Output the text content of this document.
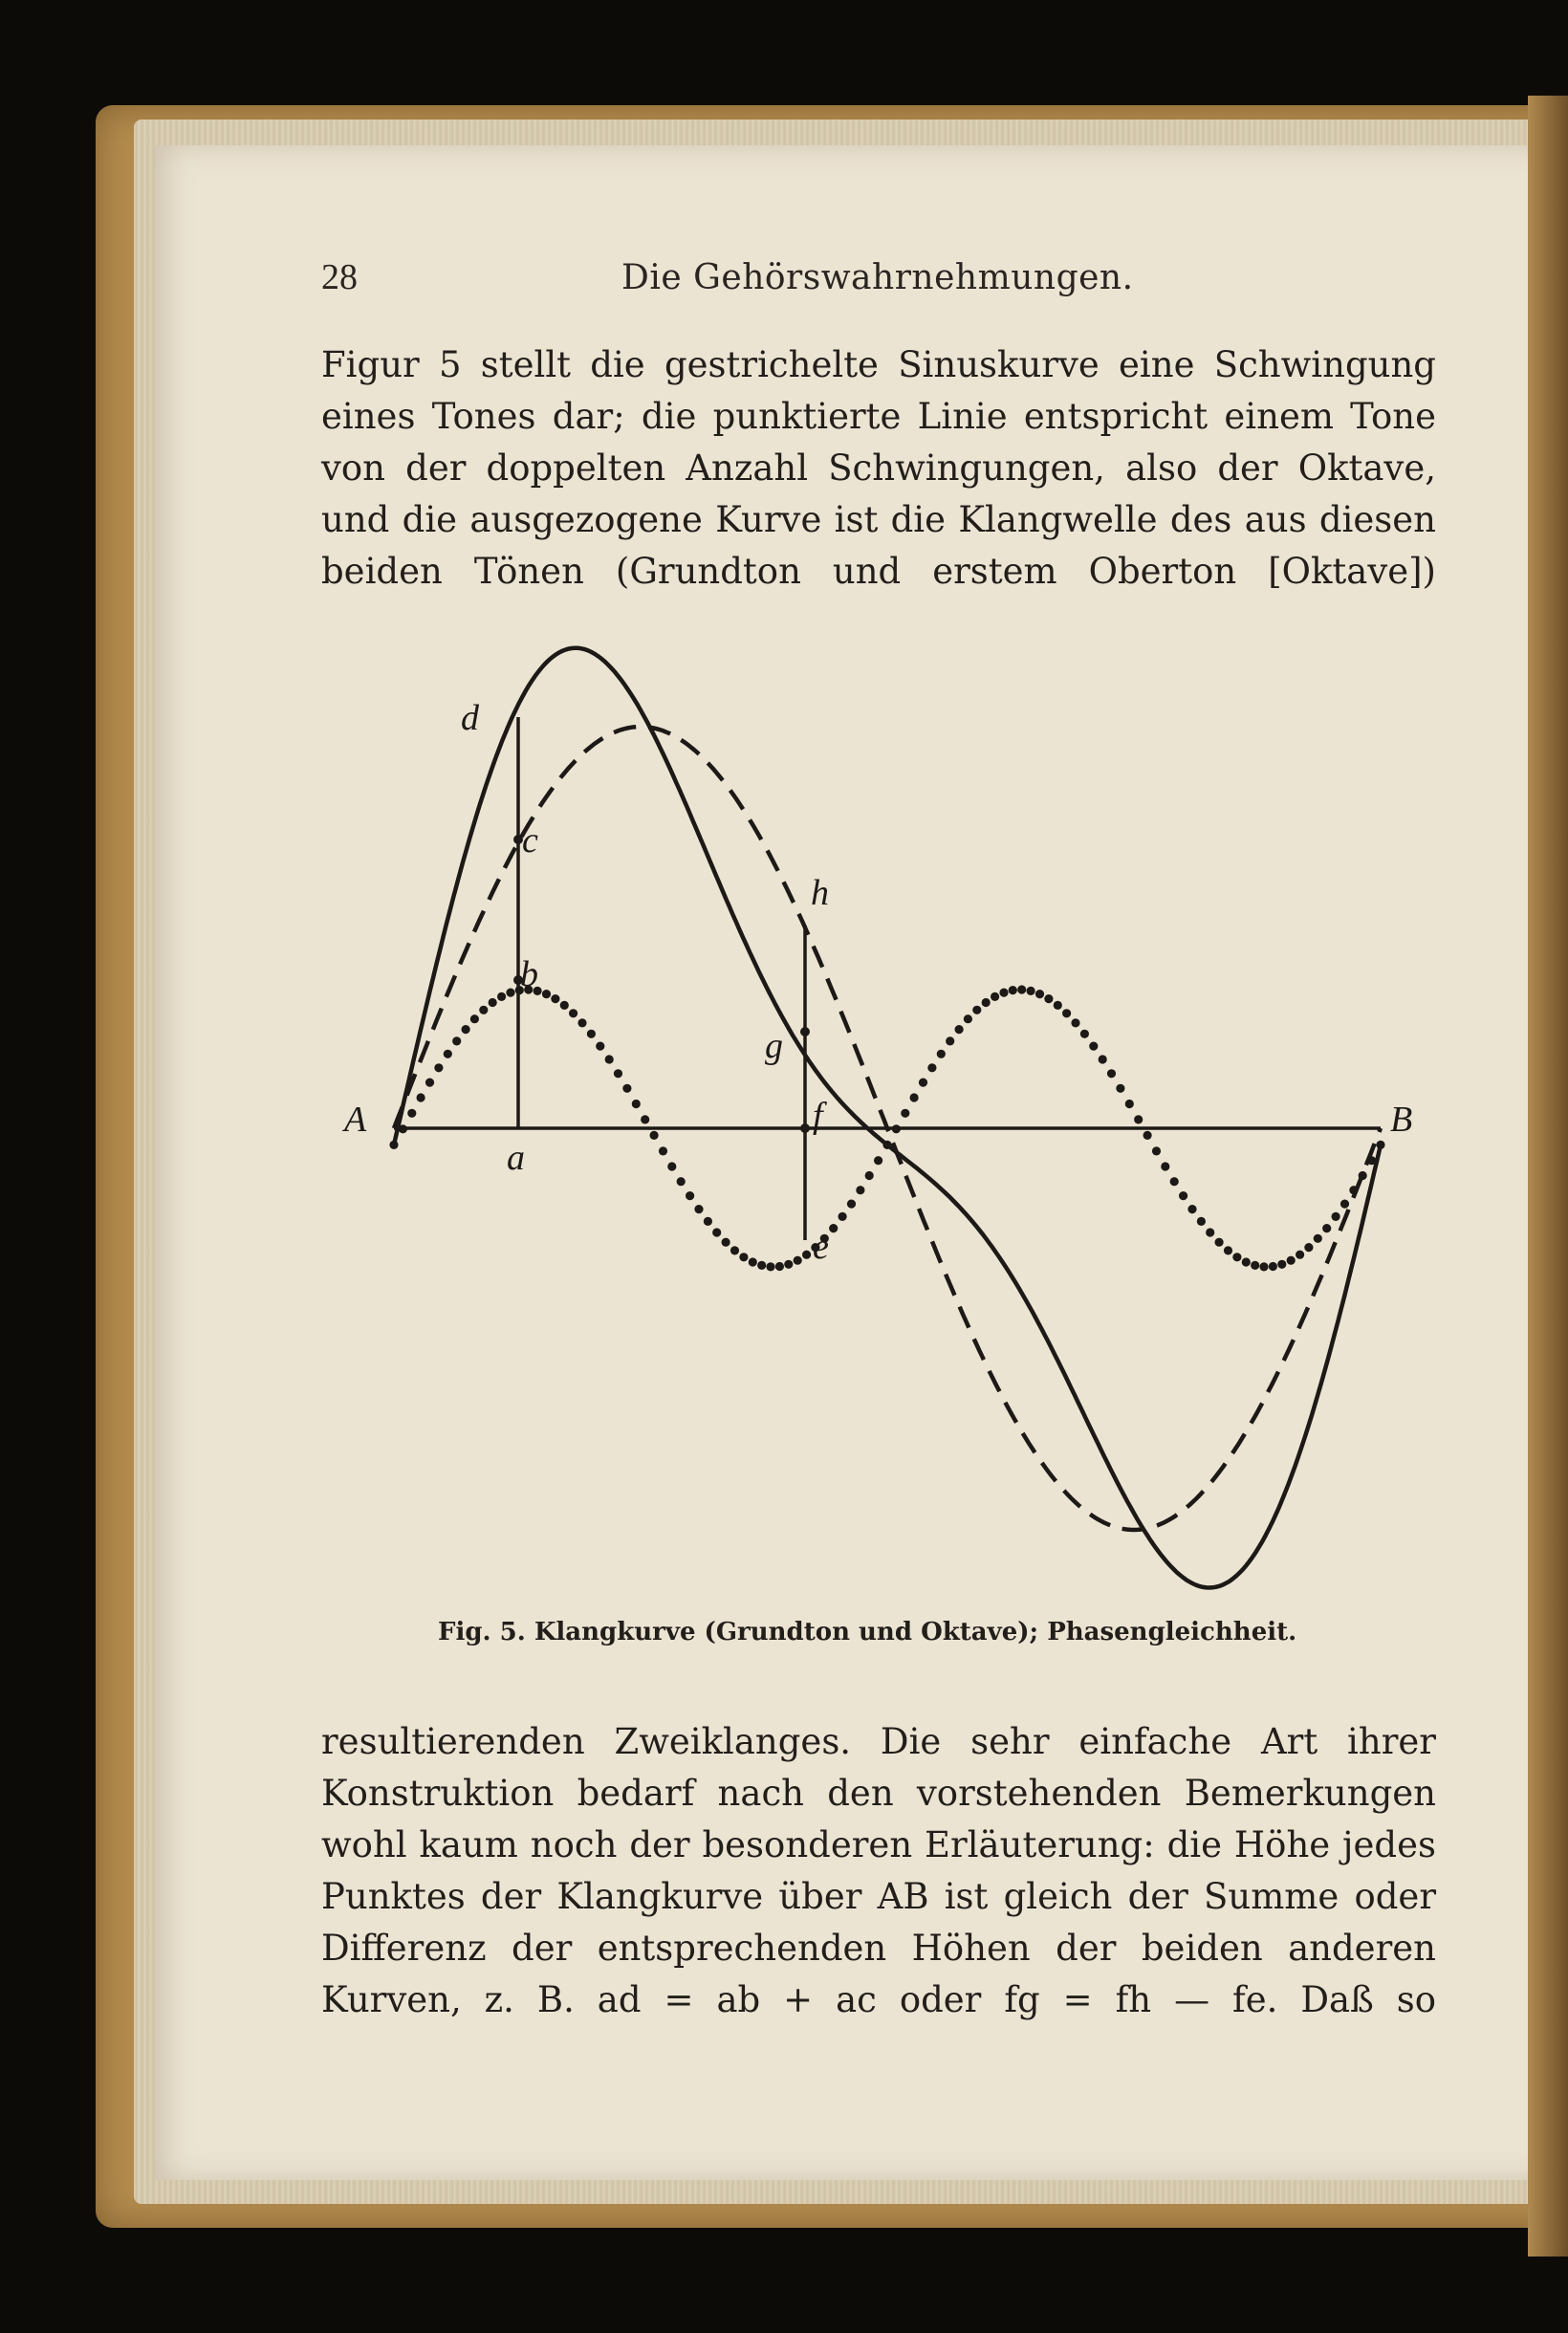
28	Die Gehörswahrnehmungen.
Figur 5 stellt die gestrichelte Sinuskurve eine Schwingung
eines Tones dar; die punktierte Linie entspricht einem Tone
von der doppelten Anzahl Schwingungen, also der Oktave,
und die ausgezogene Kurve ist die Klangwelle des aus diesen
beiden Tönen (Grundton und erstem Oberton [Oktave])
A	B
a
b
c
d
e
f
g
h
Fig. 5. Klangkurve (Grundton und Oktave); Phasengleichheit.
resultierenden Zweiklanges. Die sehr einfache Art ihrer
Konstruktion bedarf nach den vorstehenden Bemerkungen
wohl kaum noch der besonderen Erläuterung: die Höhe jedes
Punktes der Klangkurve über AB ist gleich der Summe oder
Differenz der entsprechenden Höhen der beiden anderen
Kurven, z. B. ad = ab + ac oder fg = fh — fe. Daß so
